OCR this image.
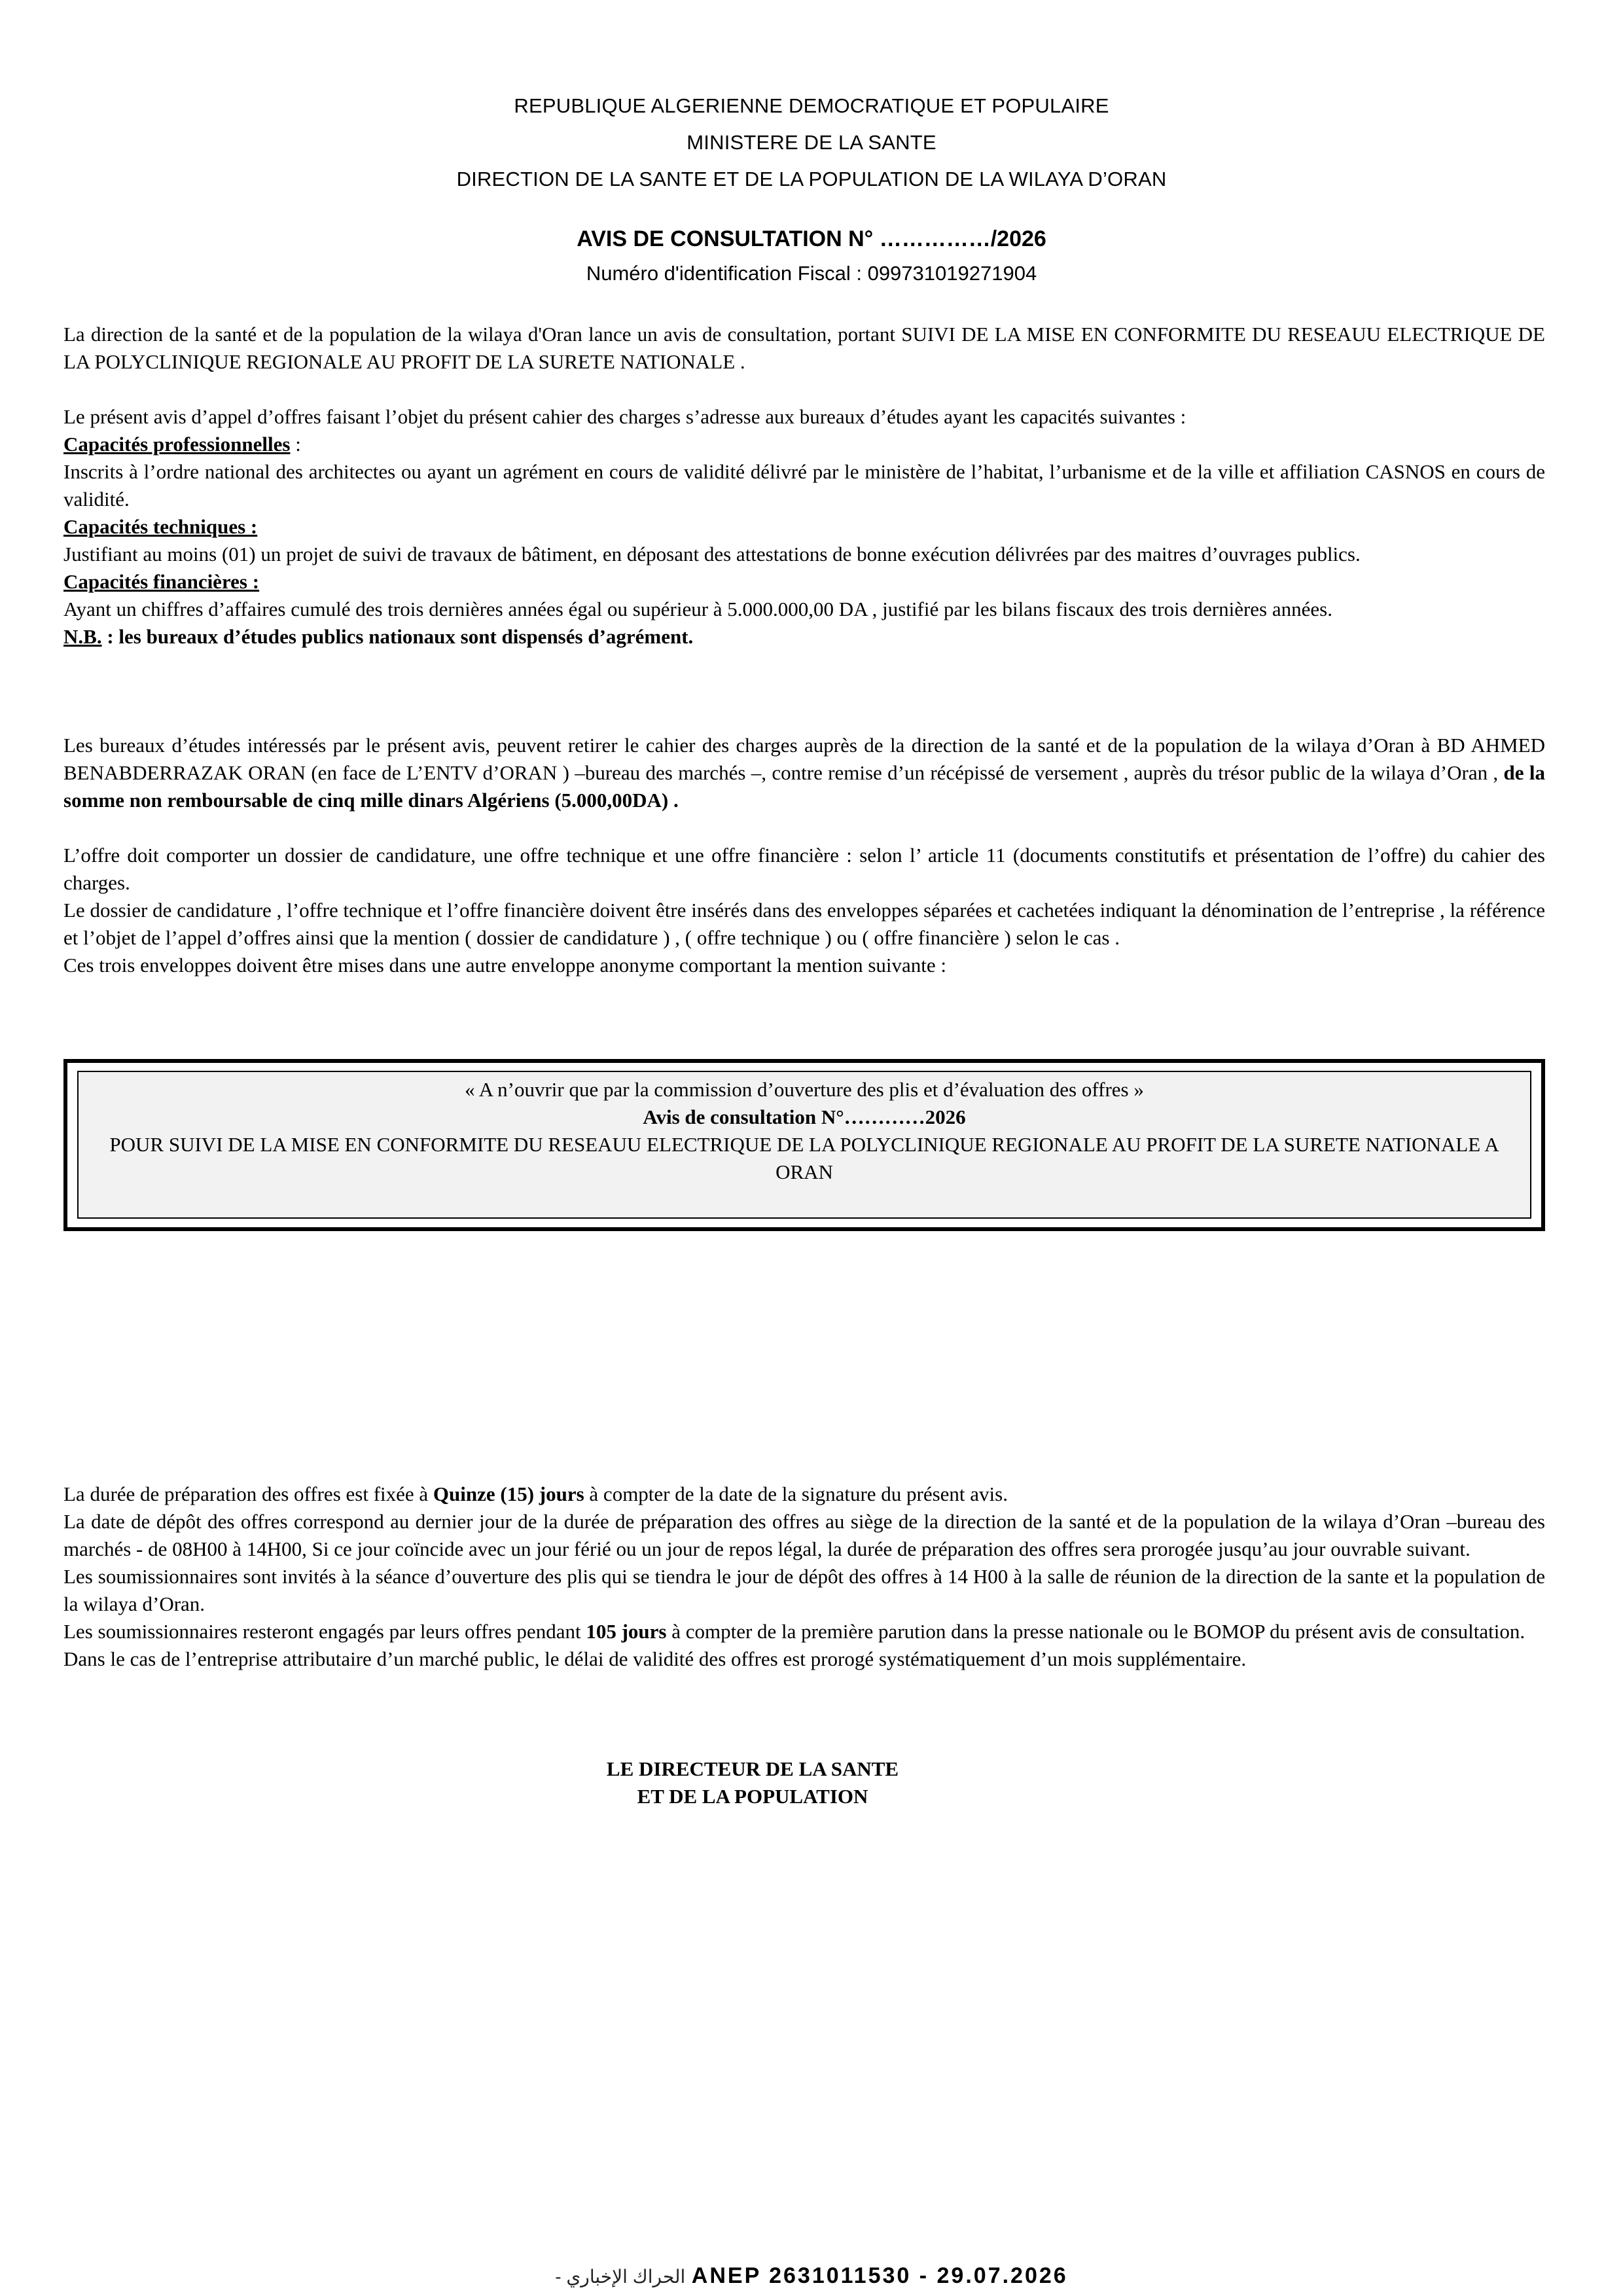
REPUBLIQUE ALGERIENNE DEMOCRATIQUE ET POPULAIRE
MINISTERE DE LA SANTE
DIRECTION DE LA SANTE ET DE LA POPULATION DE LA WILAYA D’ORAN
AVIS DE CONSULTATION N° ……………/2026
Numéro d'identification Fiscal : 099731019271904
La direction de la santé et de la population de la wilaya d'Oran lance un avis de consultation, portant SUIVI DE LA MISE EN CONFORMITE DU RESEAUU ELECTRIQUE DE LA POLYCLINIQUE REGIONALE AU PROFIT DE LA SURETE NATIONALE .
Le présent avis d’appel d’offres faisant l’objet du présent cahier des charges s’adresse aux bureaux d’études ayant les capacités suivantes :
Capacités professionnelles :
Inscrits à l’ordre national des architectes ou ayant un agrément en cours de validité délivré par le ministère de l’habitat, l’urbanisme et de la ville et affiliation CASNOS en cours de validité.
Capacités techniques :
Justifiant au moins (01) un projet de suivi de travaux de bâtiment, en déposant des attestations de bonne exécution délivrées par des maitres d’ouvrages publics.
Capacités financières :
Ayant un chiffres d’affaires cumulé des trois dernières années égal ou supérieur à 5.000.000,00 DA , justifié par les bilans fiscaux des trois dernières années.
N.B. : les bureaux d’études publics nationaux sont dispensés d’agrément.
Les bureaux d’études intéressés par le présent avis, peuvent retirer le cahier des charges auprès de la direction de la santé et de la population de la wilaya d’Oran à BD AHMED BENABDERRAZAK ORAN (en face de L’ENTV d’ORAN ) –bureau des marchés –, contre remise d’un récépissé de versement , auprès du trésor public de la wilaya d’Oran , de la somme non remboursable de cinq mille dinars Algériens (5.000,00DA) .
L’offre doit comporter un dossier de candidature, une offre technique et une offre financière : selon l’ article 11 (documents constitutifs et présentation de l’offre) du cahier des charges.
Le dossier de candidature , l’offre technique et l’offre financière doivent être insérés dans des enveloppes séparées et cachetées indiquant la dénomination de l’entreprise , la référence et l’objet de l’appel d’offres ainsi que la mention ( dossier de candidature ) , ( offre technique ) ou ( offre financière ) selon le cas .
Ces trois enveloppes doivent être mises dans une autre enveloppe anonyme comportant la mention suivante :
« A n’ouvrir que par la commission d’ouverture des plis et d’évaluation des offres »
Avis de consultation N°…………2026
POUR SUIVI DE LA MISE EN CONFORMITE DU RESEAUU ELECTRIQUE DE LA POLYCLINIQUE REGIONALE AU PROFIT DE LA SURETE NATIONALE A ORAN
La durée de préparation des offres est fixée à Quinze (15) jours à compter de la date de la signature du présent avis.
La date de dépôt des offres correspond au dernier jour de la durée de préparation des offres au siège de la direction de la santé et de la population de la wilaya d’Oran –bureau des marchés - de 08H00 à 14H00, Si ce jour coïncide avec un jour férié ou un jour de repos légal, la durée de préparation des offres sera prorogée jusqu’au jour ouvrable suivant.
Les soumissionnaires sont invités à la séance d’ouverture des plis qui se tiendra le jour de dépôt des offres à 14 H00 à la salle de réunion de la direction de la sante et la population de la wilaya d’Oran.
Les soumissionnaires resteront engagés par leurs offres pendant 105 jours à compter de la première parution dans la presse nationale ou le BOMOP du présent avis de consultation.
Dans le cas de l’entreprise attributaire d’un marché public, le délai de validité des offres est prorogé systématiquement d’un mois supplémentaire.
LE DIRECTEUR DE LA SANTE
ET DE LA POPULATION
الحراك الإخباري - ANEP 2631011530 - 29.07.2026
